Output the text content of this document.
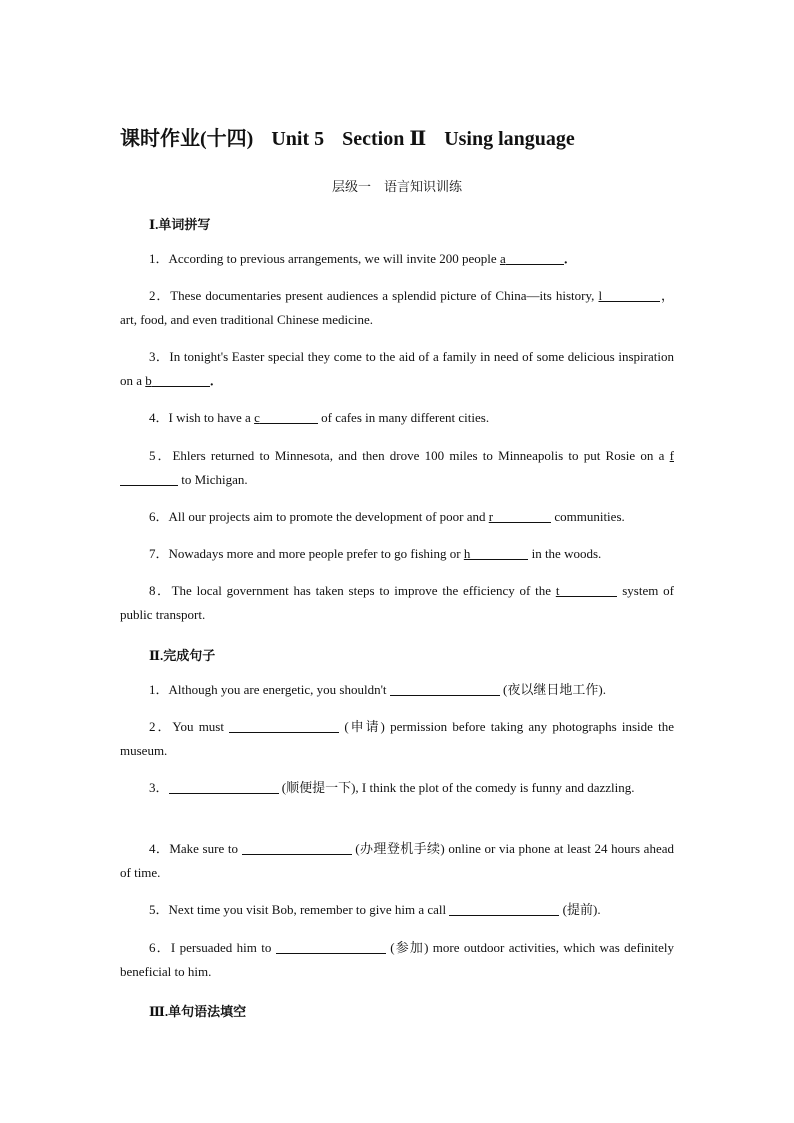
课时作业(十四) Unit 5 Section Ⅱ Using language
层级一　语言知识训练
Ⅰ.单词拼写
1．According to previous arrangements, we will invite 200 people a	．
2．These documentaries present audiences a splendid picture of China—its history, l	， art, food, and even traditional Chinese medicine.
3．In tonight's Easter special they come to the aid of a family in need of some delicious inspiration on a b	．
4．I wish to have a c	of cafes in many different cities.
5．Ehlers returned to Minnesota, and then drove 100 miles to Minneapolis to put Rosie on a f to Michigan.
6．All our projects aim to promote the development of poor and r	communities.
7．Nowadays more and more people prefer to go fishing or h	in the woods.
8．The local government has taken steps to improve the efficiency of the t	system of public transport.
Ⅱ.完成句子
1．Although you are energetic, you shouldn't	(夜以继日地工作).
2．You must	(申请) permission before taking any photographs inside the museum.
3．	(顺便提一下), I think the plot of the comedy is funny and dazzling.
4．Make sure to	(办理登机手续) online or via phone at least 24 hours ahead of time.
5．Next time you visit Bob, remember to give him a call	(提前).
6．I persuaded him to	(参加) more outdoor activities, which was definitely beneficial to him.
Ⅲ.单句语法填空
